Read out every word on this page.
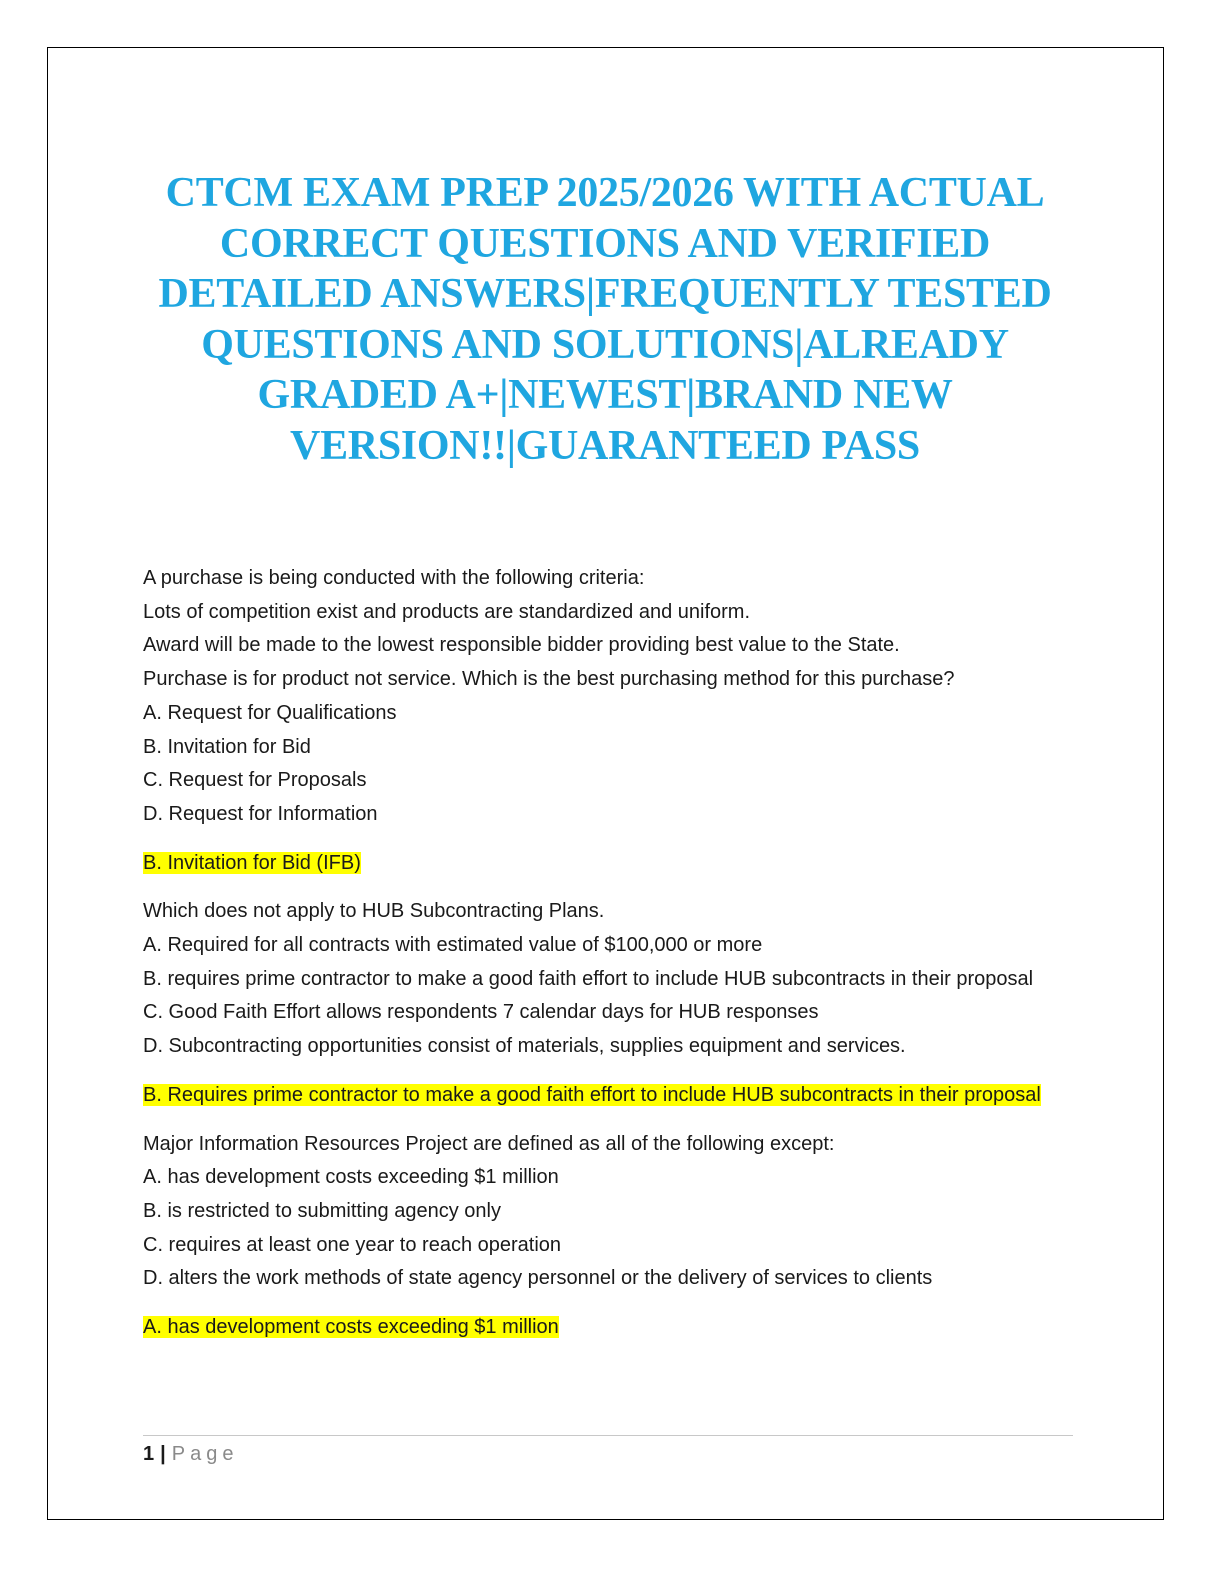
CTCM EXAM PREP 2025/2026 WITH ACTUAL CORRECT QUESTIONS AND VERIFIED DETAILED ANSWERS|FREQUENTLY TESTED QUESTIONS AND SOLUTIONS|ALREADY GRADED A+|NEWEST|BRAND NEW VERSION!!|GUARANTEED PASS

A purchase is being conducted with the following criteria:

Lots of competition exist and products are standardized and uniform.

Award will be made to the lowest responsible bidder providing best value to the State.

Purchase is for product not service. Which is the best purchasing method for this purchase?

A. Request for Qualifications

B. Invitation for Bid

C. Request for Proposals

D. Request for Information

B. Invitation for Bid (IFB)

Which does not apply to HUB Subcontracting Plans.

A. Required for all contracts with estimated value of $100,000 or more

B. requires prime contractor to make a good faith effort to include HUB subcontracts in their proposal

C. Good Faith Effort allows respondents 7 calendar days for HUB responses

D. Subcontracting opportunities consist of materials, supplies equipment and services.

B. Requires prime contractor to make a good faith effort to include HUB subcontracts in their proposal

Major Information Resources Project are defined as all of the following except:

A. has development costs exceeding $1 million

B. is restricted to submitting agency only

C. requires at least one year to reach operation

D. alters the work methods of state agency personnel or the delivery of services to clients

A. has development costs exceeding $1 million

1 | Page
